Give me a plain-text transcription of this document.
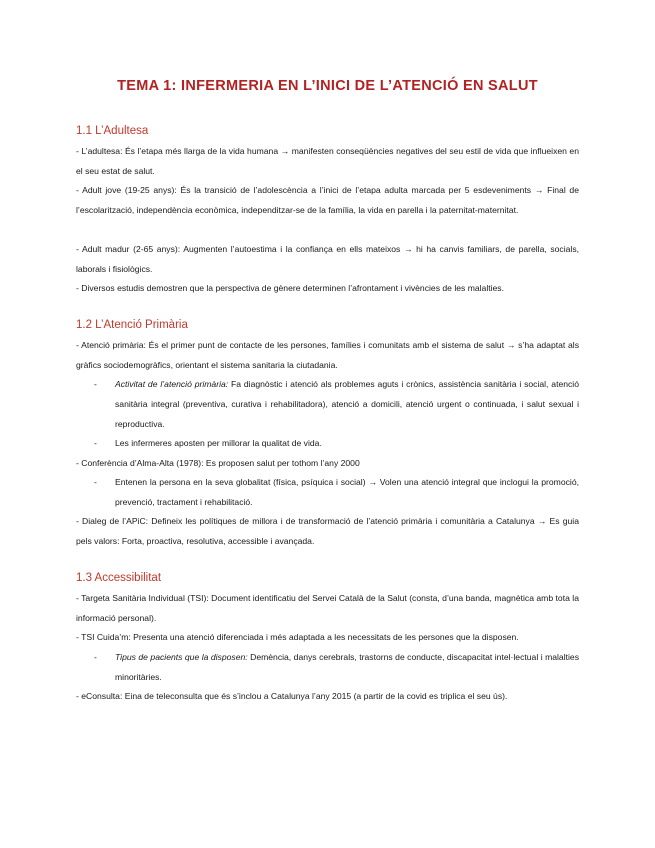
TEMA 1: INFERMERIA EN L’INICI DE L’ATENCIÓ EN SALUT
1.1 L’Adultesa
- L’adultesa: És l’etapa més llarga de la vida humana → manifesten conseqüències negatives del seu estil de vida que influeixen en el seu estat de salut.
- Adult jove (19-25 anys): És la transició de l’adolescència a l’inici de l’etapa adulta marcada per 5 esdeveniments → Final de l’escolarització, independència econòmica, independitzar-se de la família, la vida en parella i la paternitat-maternitat.
- Adult madur (2-65 anys): Augmenten l’autoestima i la confiança en ells mateixos → hi ha canvis familiars, de parella, socials, laborals i fisiològics.
- Diversos estudis demostren que la perspectiva de gènere determinen l’afrontament i vivències de les malalties.
1.2 L’Atenció Primària
- Atenció primària: És el primer punt de contacte de les persones, famílies i comunitats amb el sistema de salut → s’ha adaptat als gràfics sociodemogràfics, orientant el sistema sanitaria la ciutadania.
- Activitat de l’atenció primària: Fa diagnòstic i atenció als problemes aguts i crònics, assistència sanitària i social, atenció sanitària integral (preventiva, curativa i rehabilitadora), atenció a domicili, atenció urgent o continuada, i salut sexual i reproductiva.
- Les infermeres aposten per millorar la qualitat de vida.
- Conferència d’Alma-Alta (1978): Es proposen salut per tothom l’any 2000
- Entenen la persona en la seva globalitat (física, psíquica i social) → Volen una atenció integral que inclogui la promoció, prevenció, tractament i rehabilitació.
- Dialeg de l’APiC: Defineix les polítiques de millora i de transformació de l’atenció primària i comunitària a Catalunya → Es guia pels valors: Forta, proactiva, resolutiva, accessible i avançada.
1.3 Accessibilitat
- Targeta Sanitària Individual (TSI): Document identificatiu del Servei Català de la Salut (consta, d’una banda, magnètica amb tota la informació personal).
- TSI Cuida’m: Presenta una atenció diferenciada i més adaptada a les necessitats de les persones que la disposen.
- Tipus de pacients que la disposen: Demència, danys cerebrals, trastorns de conducte, discapacitat intel·lectual i malalties minoritàries.
- eConsulta: Eina de teleconsulta que és s’inclou a Catalunya l’any 2015 (a partir de la covid es triplica el seu ús).
